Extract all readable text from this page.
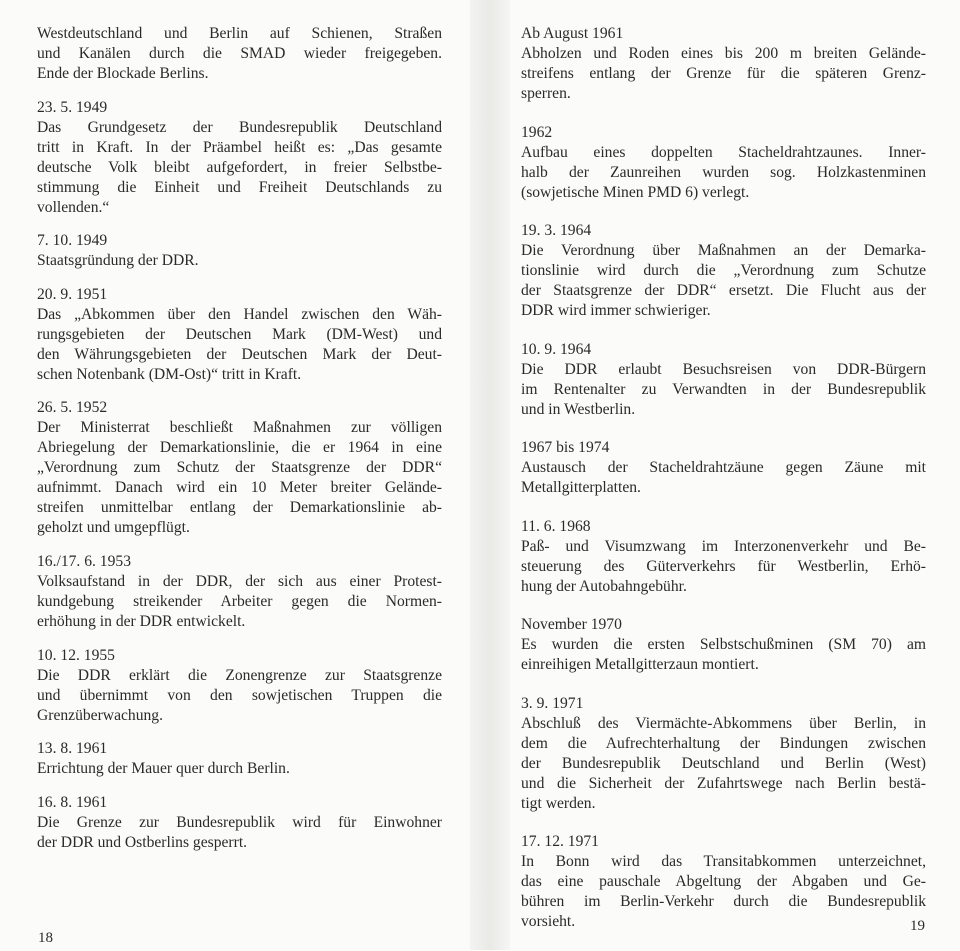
Westdeutschland und Berlin auf Schienen, Straßen
und Kanälen durch die SMAD wieder freigegeben.
Ende der Blockade Berlins.
23. 5. 1949
Das Grundgesetz der Bundesrepublik Deutschland
tritt in Kraft. In der Präambel heißt es: „Das gesamte
deutsche Volk bleibt aufgefordert, in freier Selbstbe-
stimmung die Einheit und Freiheit Deutschlands zu
vollenden.“
7. 10. 1949
Staatsgründung der DDR.
20. 9. 1951
Das „Abkommen über den Handel zwischen den Wäh-
rungsgebieten der Deutschen Mark (DM-West) und
den Währungsgebieten der Deutschen Mark der Deut-
schen Notenbank (DM-Ost)“ tritt in Kraft.
26. 5. 1952
Der Ministerrat beschließt Maßnahmen zur völligen
Abriegelung der Demarkationslinie, die er 1964 in eine
„Verordnung zum Schutz der Staatsgrenze der DDR“
aufnimmt. Danach wird ein 10 Meter breiter Gelände-
streifen unmittelbar entlang der Demarkationslinie ab-
geholzt und umgepflügt.
16./17. 6. 1953
Volksaufstand in der DDR, der sich aus einer Protest-
kundgebung streikender Arbeiter gegen die Normen-
erhöhung in der DDR entwickelt.
10. 12. 1955
Die DDR erklärt die Zonengrenze zur Staatsgrenze
und übernimmt von den sowjetischen Truppen die
Grenzüberwachung.
13. 8. 1961
Errichtung der Mauer quer durch Berlin.
16. 8. 1961
Die Grenze zur Bundesrepublik wird für Einwohner
der DDR und Ostberlins gesperrt.
Ab August 1961
Abholzen und Roden eines bis 200 m breiten Gelände-
streifens entlang der Grenze für die späteren Grenz-
sperren.
1962
Aufbau eines doppelten Stacheldrahtzaunes. Inner-
halb der Zaunreihen wurden sog. Holzkastenminen
(sowjetische Minen PMD 6) verlegt.
19. 3. 1964
Die Verordnung über Maßnahmen an der Demarka-
tionslinie wird durch die „Verordnung zum Schutze
der Staatsgrenze der DDR“ ersetzt. Die Flucht aus der
DDR wird immer schwieriger.
10. 9. 1964
Die DDR erlaubt Besuchsreisen von DDR-Bürgern
im Rentenalter zu Verwandten in der Bundesrepublik
und in Westberlin.
1967 bis 1974
Austausch der Stacheldrahtzäune gegen Zäune mit
Metallgitterplatten.
11. 6. 1968
Paß- und Visumzwang im Interzonenverkehr und Be-
steuerung des Güterverkehrs für Westberlin, Erhö-
hung der Autobahngebühr.
November 1970
Es wurden die ersten Selbstschußminen (SM 70) am
einreihigen Metallgitterzaun montiert.
3. 9. 1971
Abschluß des Viermächte-Abkommens über Berlin, in
dem die Aufrechterhaltung der Bindungen zwischen
der Bundesrepublik Deutschland und Berlin (West)
und die Sicherheit der Zufahrtswege nach Berlin bestä-
tigt werden.
17. 12. 1971
In Bonn wird das Transitabkommen unterzeichnet,
das eine pauschale Abgeltung der Abgaben und Ge-
bühren im Berlin-Verkehr durch die Bundesrepublik
vorsieht.
18
19
